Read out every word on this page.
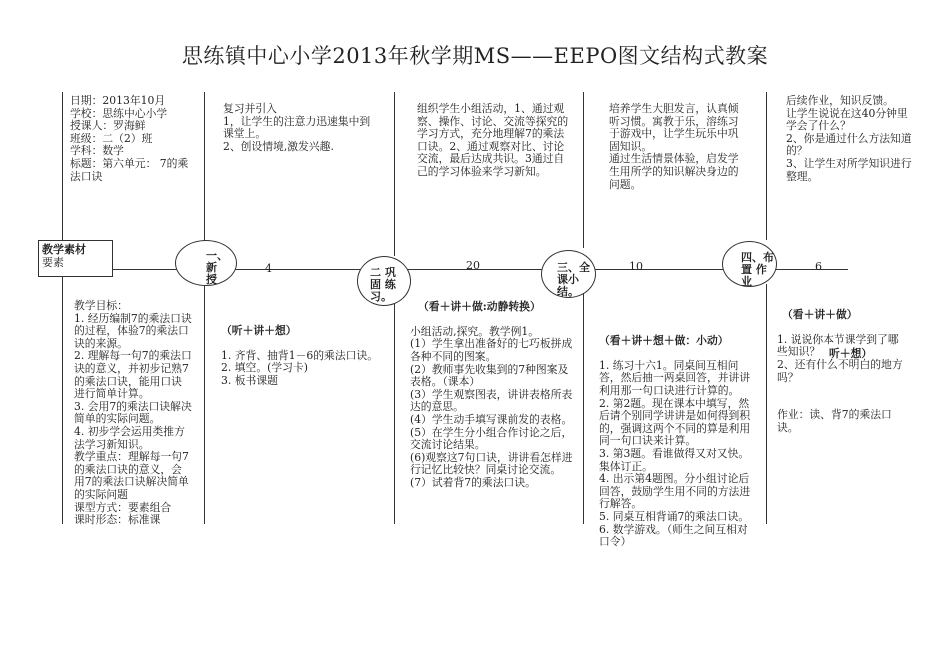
思练镇中心小学2013年秋学期MS——EEPO图文结构式教案
日期：2013年10月
学校：思练中心小学
授课人：罗海鲜
班级：二（2）班
学科：数学
标题：第六单元： 7的乘法口诀
复习并引入
1，让学生的注意力迅速集中到课堂上。
2、创设情境,激发兴趣.
组织学生小组活动，1、通过观察、操作、讨论、交流等探究的学习方式，充分地理解7的乘法口诀。2、通过观察对比、讨论交流，最后达成共识。3通过自己的学习体验来学习新知。
培养学生大胆发言，认真倾听习惯。寓教于乐，溶练习于游戏中，让学生玩乐中巩固知识。
通过生活情景体验，启发学生用所学的知识解决身边的问题。
后续作业，知识反馈。
让学生说说在这40分钟里学会了什么？
2、你是通过什么方法知道的？
3、让学生对所学知识进行整理。
教学素材
要素
一、新
授
4	二 巩
固 练
习。
20	三、全
课小
结。
10
四、布
置 作
业
6
教学目标：
1. 经历编制7的乘法口诀的过程，体验7的乘法口诀的来源。
2. 理解每一句7的乘法口诀的意义，并初步记熟7的乘法口诀，能用口诀进行简单计算。
3. 会用7的乘法口诀解决简单的实际问题。
4. 初步学会运用类推方法学习新知识。
教学重点：理解每一句7的乘法口诀的意义，会用7的乘法口诀解决简单的实际问题
课型方式：要素组合
课时形态：标准课

（听＋讲＋想）

1. 齐背、抽背1－6的乘法口诀。
2. 填空。(学习卡)
3. 板书课题

（看＋讲＋做:动静转换）

小组活动,探究。教学例1。
(1）学生拿出准备好的七巧板拼成各种不同的图案。
(2）教师事先收集到的7种图案及表格。（课本）
(3）学生观察图表，讲讲表格所表达的意思。
(4）学生动手填写课前发的表格。
(5）在学生分小组合作讨论之后，交流讨论结果。
(6)观察这7句口诀，讲讲看怎样进行记忆比较快？同桌讨论交流。
(7）试着背7的乘法口诀。

（看＋讲＋想＋做：小动）

1. 练习十六1。同桌间互相问答，然后抽一两桌回答，并讲讲利用那一句口诀进行计算的。
2. 第2题。现在课本中填写，然后请个别同学讲讲是如何得到积的，强调这两个不同的算是利用同一句口诀来计算。
3. 第3题。看谁做得又对又快。集体订正。
4. 出示第4题图。分小组讨论后回答，鼓励学生用不同的方法进行解答。
5. 同桌互相背诵7的乘法口诀。
6. 数学游戏。（师生之间互相对口令）

（看＋讲＋做）

1. 说说你本节课学到了哪些知识？
2、还有什么不明白的地方吗？

听＋想）

作业：读、背7的乘法口诀。
